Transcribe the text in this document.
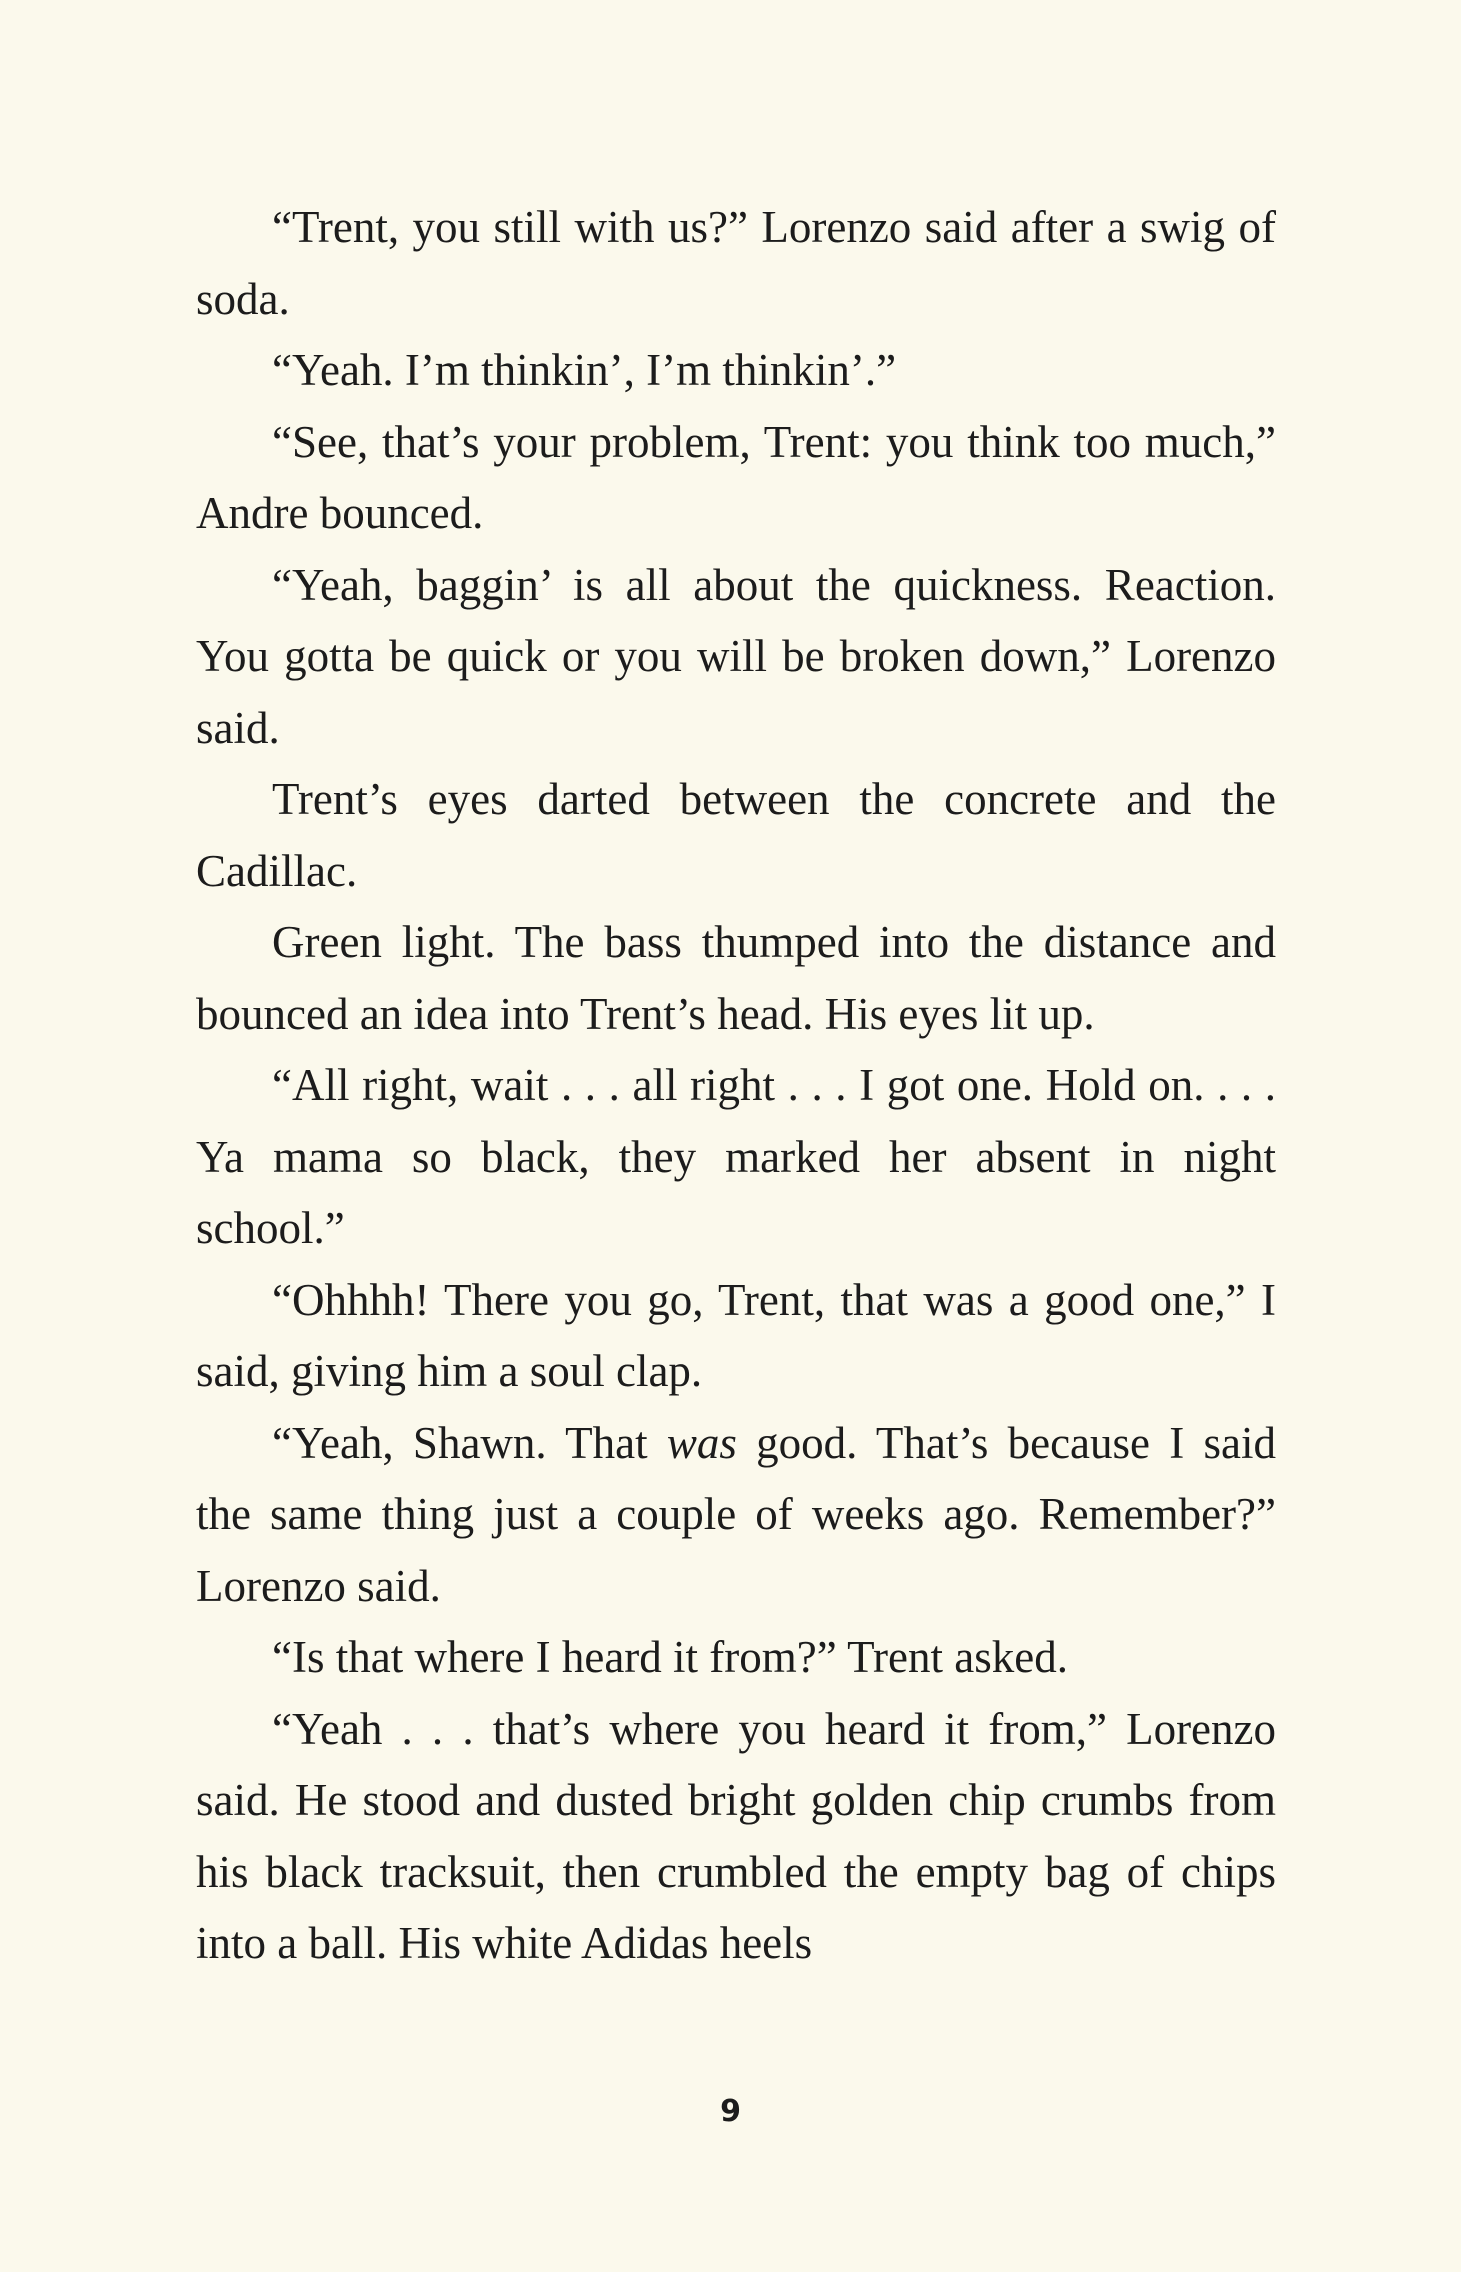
“Trent, you still with us?” Lorenzo said after a swig of soda.

“Yeah. I’m thinkin’, I’m thinkin’.”

“See, that’s your problem, Trent: you think too much,” Andre bounced.

“Yeah, baggin’ is all about the quickness. Reaction. You gotta be quick or you will be broken down,” Lorenzo said.

Trent’s eyes darted between the concrete and the Cadillac.

Green light. The bass thumped into the distance and bounced an idea into Trent’s head. His eyes lit up.

“All right, wait . . . all right . . . I got one. Hold on. . . . Ya mama so black, they marked her absent in night school.”

“Ohhhh! There you go, Trent, that was a good one,” I said, giving him a soul clap.

“Yeah, Shawn. That was good. That’s because I said the same thing just a couple of weeks ago. Remember?” Lorenzo said.

“Is that where I heard it from?” Trent asked.

“Yeah . . . that’s where you heard it from,” Lorenzo said. He stood and dusted bright golden chip crumbs from his black tracksuit, then crumbled the empty bag of chips into a ball. His white Adidas heels

9
